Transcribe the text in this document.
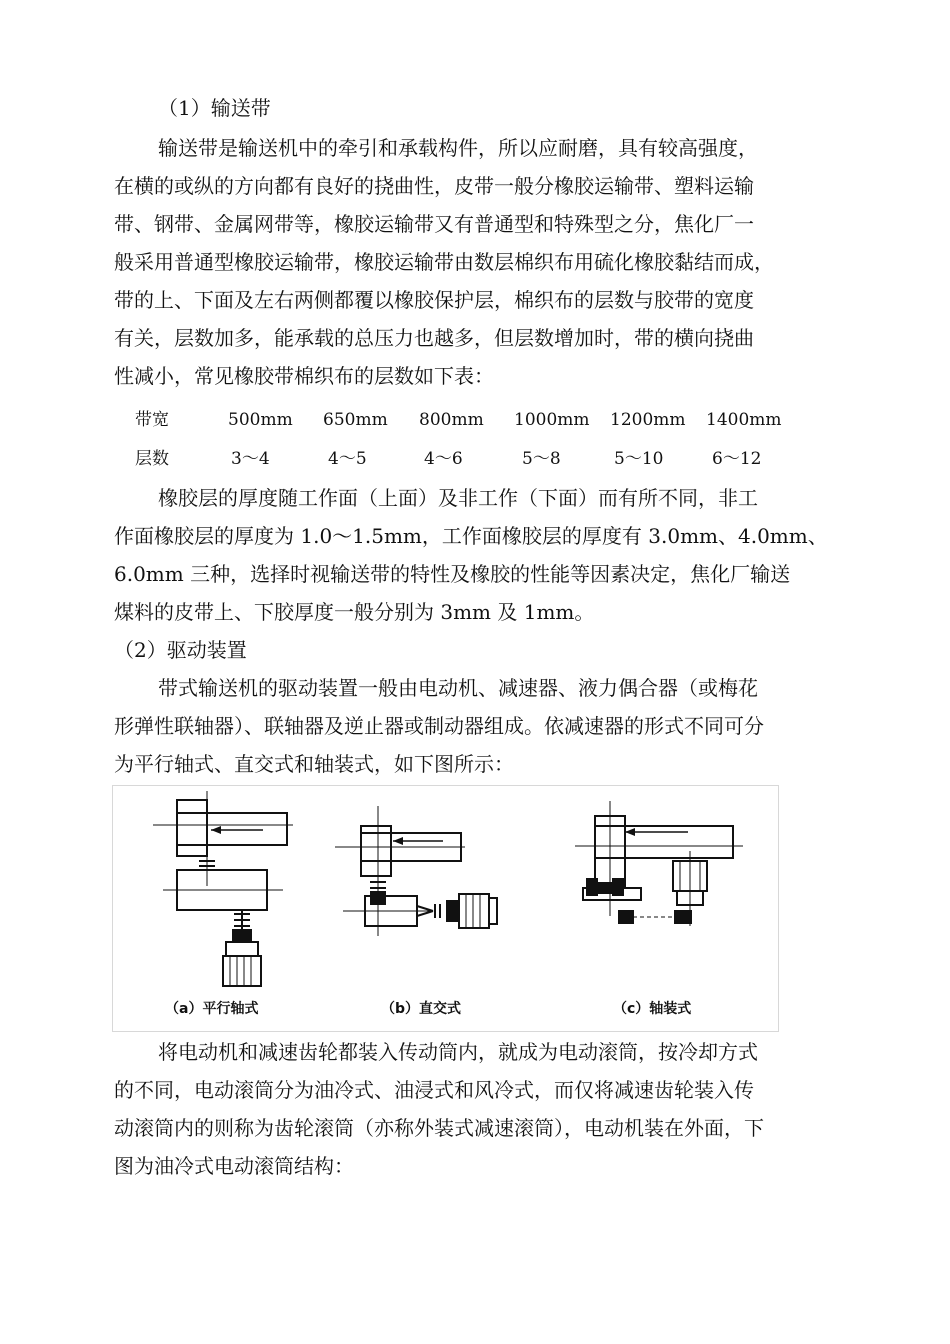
（1）输送带
输送带是输送机中的牵引和承载构件，所以应耐磨，具有较高强度，
在横的或纵的方向都有良好的挠曲性，皮带一般分橡胶运输带、塑料运输
带、钢带、金属网带等，橡胶运输带又有普通型和特殊型之分，焦化厂一
般采用普通型橡胶运输带，橡胶运输带由数层棉织布用硫化橡胶黏结而成，
带的上、下面及左右两侧都覆以橡胶保护层，棉织布的层数与胶带的宽度
有关，层数加多，能承载的总压力也越多，但层数增加时，带的横向挠曲
性减小，常见橡胶带棉织布的层数如下表：
带宽	500mm 650mm 800mm 1000mm 1200mm 1400mm
层数	3～4	4～5	4～6	5～8	5～10	6～12
橡胶层的厚度随工作面（上面）及非工作（下面）而有所不同，非工
作面橡胶层的厚度为 1.0～1.5mm，工作面橡胶层的厚度有 3.0mm、4.0mm、
6.0mm 三种，选择时视输送带的特性及橡胶的性能等因素决定，焦化厂输送
煤料的皮带上、下胶厚度一般分别为 3mm 及 1mm。
（2）驱动装置
带式输送机的驱动装置一般由电动机、减速器、液力偶合器（或梅花
形弹性联轴器）、联轴器及逆止器或制动器组成。依减速器的形式不同可分
为平行轴式、直交式和轴装式，如下图所示：
（a）平行轴式	（b）直交式	（c）轴装式
将电动机和减速齿轮都装入传动筒内，就成为电动滚筒，按冷却方式
的不同，电动滚筒分为油冷式、油浸式和风冷式，而仅将减速齿轮装入传
动滚筒内的则称为齿轮滚筒（亦称外装式减速滚筒），电动机装在外面，下
图为油冷式电动滚筒结构：
